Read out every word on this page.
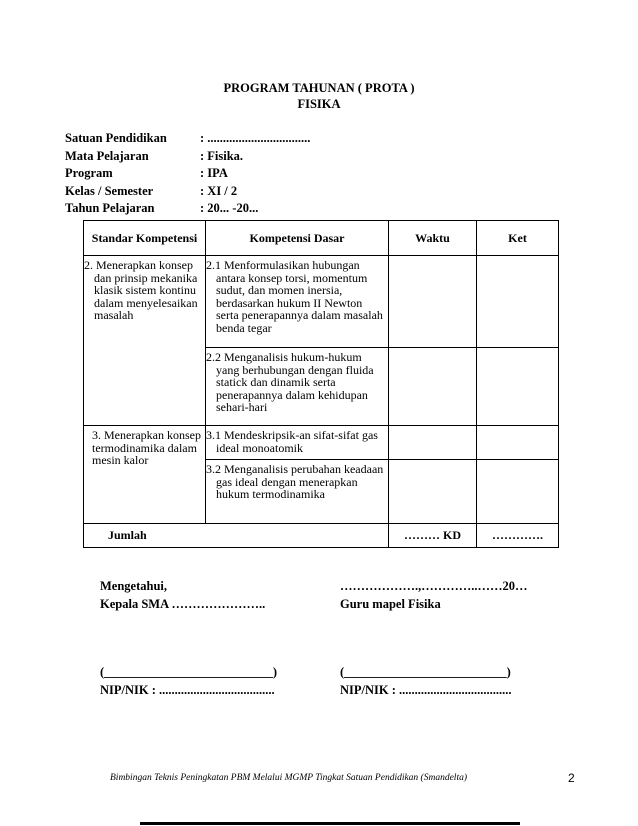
PROGRAM TAHUNAN ( PROTA )
FISIKA
Satuan Pendidikan	: .................................
Mata Pelajaran	: Fisika.
Program	: IPA
Kelas / Semester	: XI / 2
Tahun Pelajaran	: 20... -20...
Standar Kompetensi	Kompetensi Dasar	Waktu	Ket

2. Menerapkan konsep dan prinsip mekanika klasik sistem kontinu dalam menyelesaikan masalah	2.1 Menformulasikan hubungan antara konsep torsi, momentum sudut, dan momen inersia, berdasarkan hukum II Newton serta penerapannya dalam masalah benda tegar		

	2.2 Menganalisis hukum-hukum yang berhubungan dengan fluida statick dan dinamik serta penerapannya dalam kehidupan sehari-hari		

3. Menerapkan konsep termodinamika dalam mesin kalor	3.1 Mendeskripsik-an sifat-sifat gas ideal monoatomik		

	3.2 Menganalisis perubahan keadaan gas ideal dengan menerapkan hukum termodinamika		

Jumlah		……… KD	………….
Mengetahui,
Kepala SMA …………………..
……………….,…………..……20…
Guru mapel Fisika
(___________________________)
NIP/NIK : .....................................
(__________________________)
NIP/NIK : ....................................
Bimbingan Teknis Peningkatan PBM Melalui MGMP Tingkat Satuan Pendidikan (Smandelta)	2
